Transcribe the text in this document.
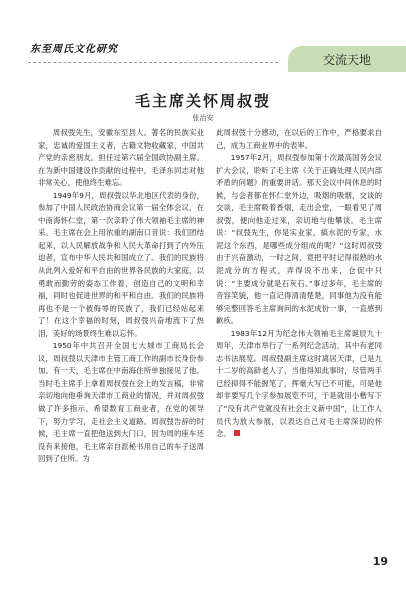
东至周氏文化研究
交流天地
毛主席关怀周叔弢
张治安

周叔弢先生，安徽东至县人。著名的民族实业家，忠诚的爱国主义者，古籍文物收藏家，中国共产党的亲密朋友。担任过第六届全国政协副主席。在为新中国建设作贡献的过程中，毛泽东同志对他非常关心，使他终生难忘。

1949年9月，周叔弢以华北地区代表的身份，参加了中国人民政治协商会议第一届全体会议，在中南海怀仁堂，第一次亲聆了伟大领袖毛主席的神采。毛主席在会上用浓重的湖南口音说：我们团结起来，以人民解放战争和人民大革命打到了内外压迫者，宣布中华人民共和国成立了。我们的民族将从此列入爱好和平自由的世界各民族的大家庭，以勇敢而勤劳的姿态工作着，创造自己的文明和幸福，同时也促进世界的和平和自由。我们的民族将再也不是一个被侮辱的民族了，我们已经站起来了！在这个幸福的时刻，周叔弢兴奋地流下了热泪，美好的场景终生难以忘怀。

1950年中共召开全国七大城市工商局长会议，周叔弢以天津市主管工商工作的副市长身份参加。有一天，毛主席在中南海住所单独接见了他，当时毛主席手上拿着周叔弢在会上的发言稿，非常亲切地向他垂询天津市工商业的情况，并对周叔弢做了许多指示，希望数育工商业者，在党的领导下，努力学习，走社会主义道路。周叔弢告辞的时候，毛主席一直把他送到大门口，因为周的座车还没有来接他，毛主席亲自派秘书用自己的车子送周回到了住所。为

此周叔弢十分感动，在以后的工作中，严格要求自己，成为工商业界中的表率。

1957年2月，周叔弢参加第十次最高国务会议扩大会议，聆听了毛主席《关于正确处理人民内部矛盾的问题》的重要讲话。那天会议中间休息的时候，与会者都在怀仁堂外边，吸烟的吸烟，交谈的交谈，毛主席吸着香烟，走出会堂，一眼看见了周叔弢，便向他走过来，亲切地与他攀谈。毛主席说：“叔弢先生，你是实业家，搞水泥的专家，水泥这个东西，是哪些成分组成的呢？”这时周叔弢由于兴奋激动，一时之间，竟把平时记得很熟的水泥成分的方程式，弄得说不出来，仓促中只说：“主要成分就是石灰石。”事过多年，毛主席的音容笑貌，他一直记得清清楚楚，同事他为没有能够完整回答毛主席询问的水泥成份一事，一直感到歉疚。

1983年12月为纪念伟大领袖毛主席诞辰九十周年，天津市举行了一系列纪念活动，其中有老同志书法展览。周叔弢副主席这时离居天津，已是九十二岁的高龄老人了，当他得知此事时，尽管两手已经抑得不能握笔了，挥毫大写已不可能，可是他却非要写几个字参加展览不可，于是就用小楷写下了“没有共产党就没有社会主义新中国”，让工作人员代为放大参展，以表达自己对毛主席深切的怀念。

19
